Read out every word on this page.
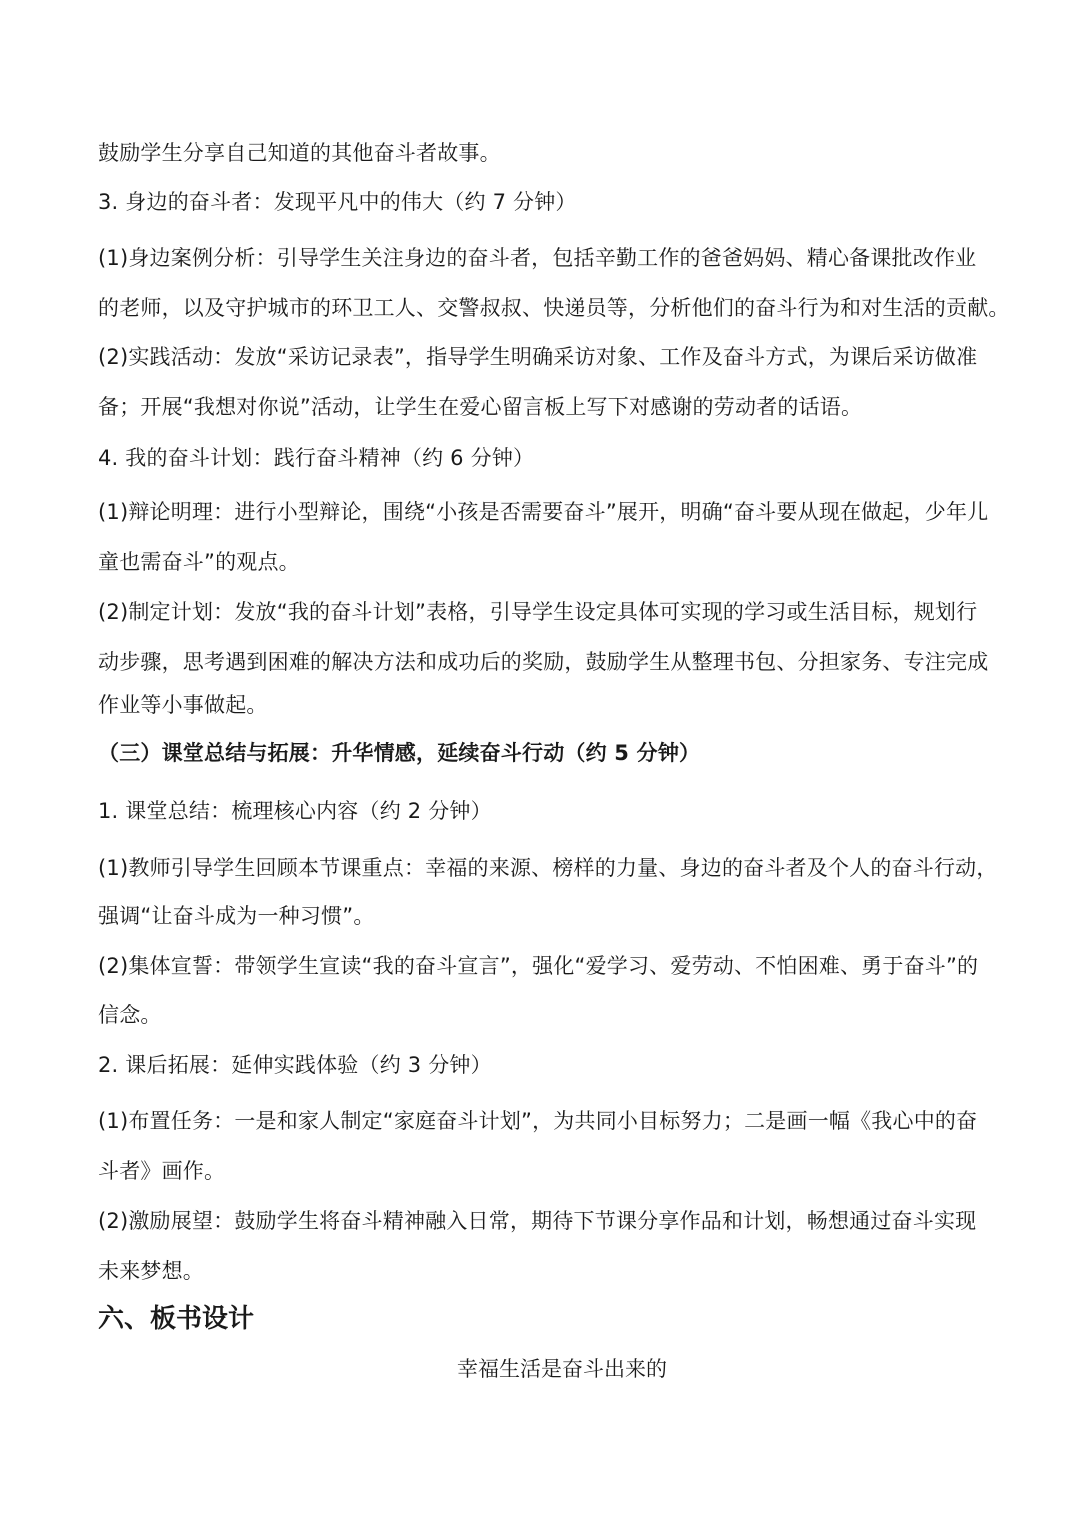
鼓励学生分享自己知道的其他奋斗者故事。
3. 身边的奋斗者：发现平凡中的伟大（约 7 分钟）
(1)身边案例分析：引导学生关注身边的奋斗者，包括辛勤工作的爸爸妈妈、精心备课批改作业
的老师，以及守护城市的环卫工人、交警叔叔、快递员等，分析他们的奋斗行为和对生活的贡献。
(2)实践活动：发放“采访记录表”，指导学生明确采访对象、工作及奋斗方式，为课后采访做准
备；开展“我想对你说”活动，让学生在爱心留言板上写下对感谢的劳动者的话语。
4. 我的奋斗计划：践行奋斗精神（约 6 分钟）
(1)辩论明理：进行小型辩论，围绕“小孩是否需要奋斗”展开，明确“奋斗要从现在做起，少年儿
童也需奋斗”的观点。
(2)制定计划：发放“我的奋斗计划”表格，引导学生设定具体可实现的学习或生活目标，规划行
动步骤，思考遇到困难的解决方法和成功后的奖励，鼓励学生从整理书包、分担家务、专注完成
作业等小事做起。
（三）课堂总结与拓展：升华情感，延续奋斗行动（约 5 分钟）
1. 课堂总结：梳理核心内容（约 2 分钟）
(1)教师引导学生回顾本节课重点：幸福的来源、榜样的力量、身边的奋斗者及个人的奋斗行动，
强调“让奋斗成为一种习惯”。
(2)集体宣誓：带领学生宣读“我的奋斗宣言”，强化“爱学习、爱劳动、不怕困难、勇于奋斗”的
信念。
2. 课后拓展：延伸实践体验（约 3 分钟）
(1)布置任务：一是和家人制定“家庭奋斗计划”，为共同小目标努力；二是画一幅《我心中的奋
斗者》画作。
(2)激励展望：鼓励学生将奋斗精神融入日常，期待下节课分享作品和计划，畅想通过奋斗实现
未来梦想。
六、板书设计
幸福生活是奋斗出来的
